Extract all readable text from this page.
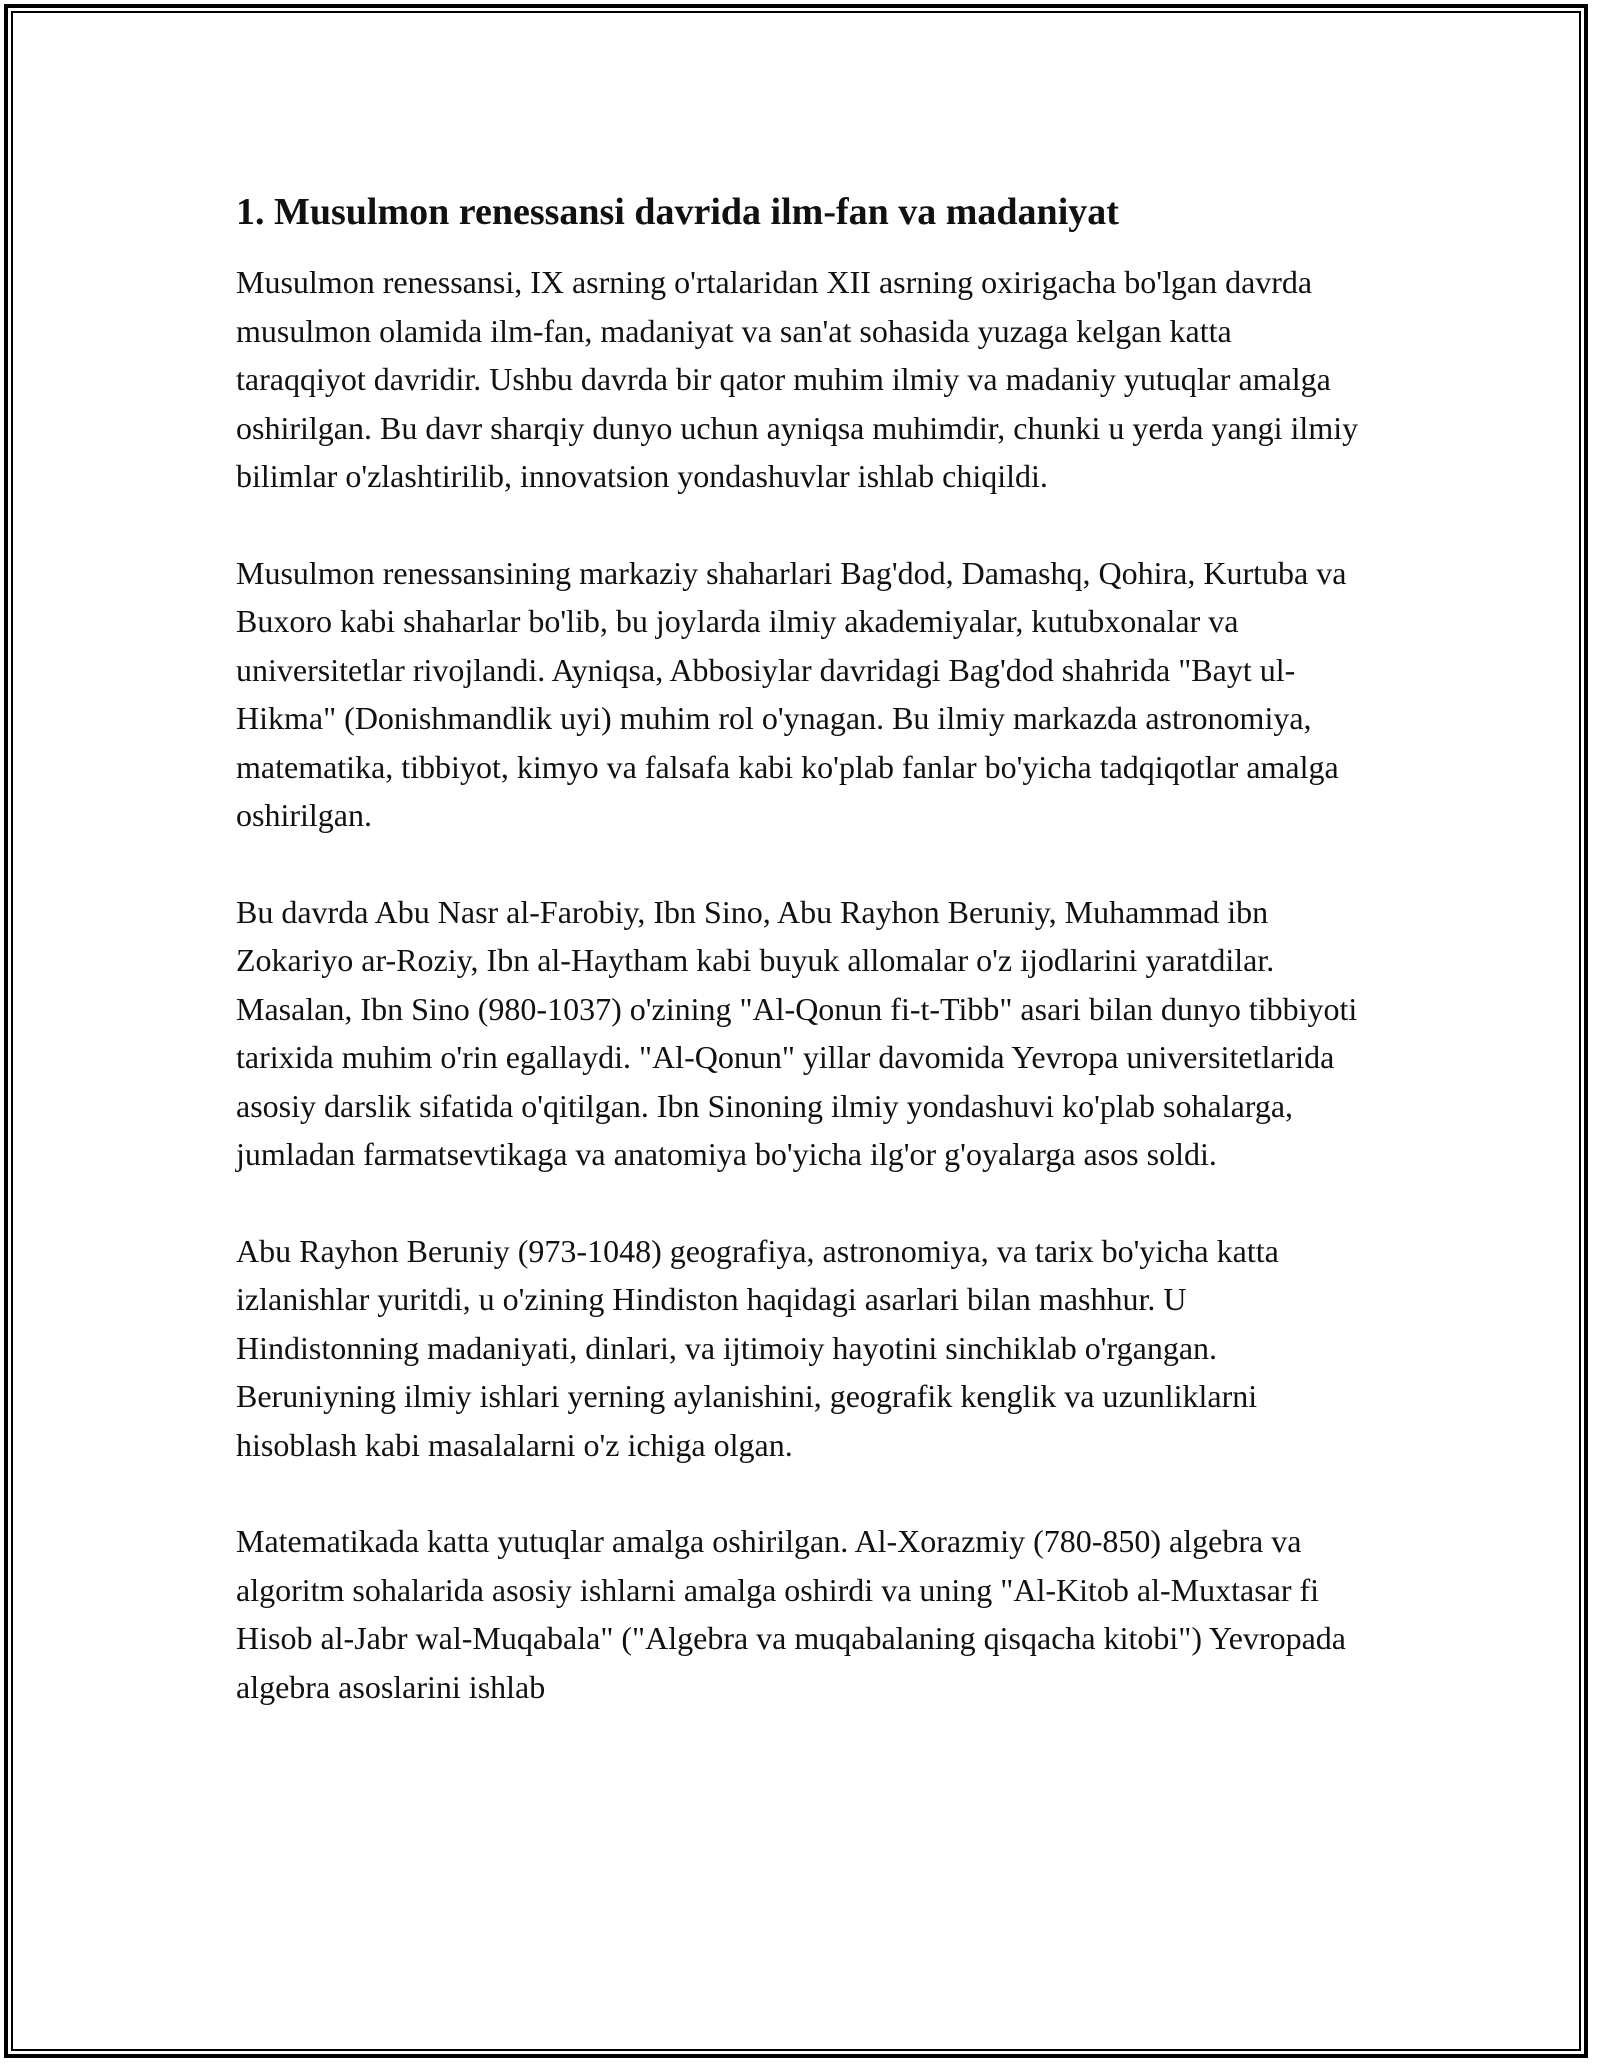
1. Musulmon renessansi davrida ilm-fan va madaniyat

Musulmon renessansi, IX asrning o'rtalaridan XII asrning oxirigacha bo'lgan davrda musulmon olamida ilm-fan, madaniyat va san'at sohasida yuzaga kelgan katta taraqqiyot davridir. Ushbu davrda bir qator muhim ilmiy va madaniy yutuqlar amalga oshirilgan. Bu davr sharqiy dunyo uchun ayniqsa muhimdir, chunki u yerda yangi ilmiy bilimlar o'zlashtirilib, innovatsion yondashuvlar ishlab chiqildi.

Musulmon renessansining markaziy shaharlari Bag'dod, Damashq, Qohira, Kurtuba va Buxoro kabi shaharlar bo'lib, bu joylarda ilmiy akademiyalar, kutubxonalar va universitetlar rivojlandi. Ayniqsa, Abbosiylar davridagi Bag'dod shahrida "Bayt ul-Hikma" (Donishmandlik uyi) muhim rol o'ynagan. Bu ilmiy markazda astronomiya, matematika, tibbiyot, kimyo va falsafa kabi ko'plab fanlar bo'yicha tadqiqotlar amalga oshirilgan.

Bu davrda Abu Nasr al-Farobiy, Ibn Sino, Abu Rayhon Beruniy, Muhammad ibn Zokariyo ar-Roziy, Ibn al-Haytham kabi buyuk allomalar o'z ijodlarini yaratdilar. Masalan, Ibn Sino (980-1037) o'zining "Al-Qonun fi-t-Tibb" asari bilan dunyo tibbiyoti tarixida muhim o'rin egallaydi. "Al-Qonun" yillar davomida Yevropa universitetlarida asosiy darslik sifatida o'qitilgan. Ibn Sinoning ilmiy yondashuvi ko'plab sohalarga, jumladan farmatsevtikaga va anatomiya bo'yicha ilg'or g'oyalarga asos soldi.

Abu Rayhon Beruniy (973-1048) geografiya, astronomiya, va tarix bo'yicha katta izlanishlar yuritdi, u o'zining Hindiston haqidagi asarlari bilan mashhur. U Hindistonning madaniyati, dinlari, va ijtimoiy hayotini sinchiklab o'rgangan. Beruniyning ilmiy ishlari yerning aylanishini, geografik kenglik va uzunliklarni hisoblash kabi masalalarni o'z ichiga olgan.

Matematikada katta yutuqlar amalga oshirilgan. Al-Xorazmiy (780-850) algebra va algoritm sohalarida asosiy ishlarni amalga oshirdi va uning "Al-Kitob al-Muxtasar fi Hisob al-Jabr wal-Muqabala" ("Algebra va muqabalaning qisqacha kitobi") Yevropada algebra asoslarini ishlab
